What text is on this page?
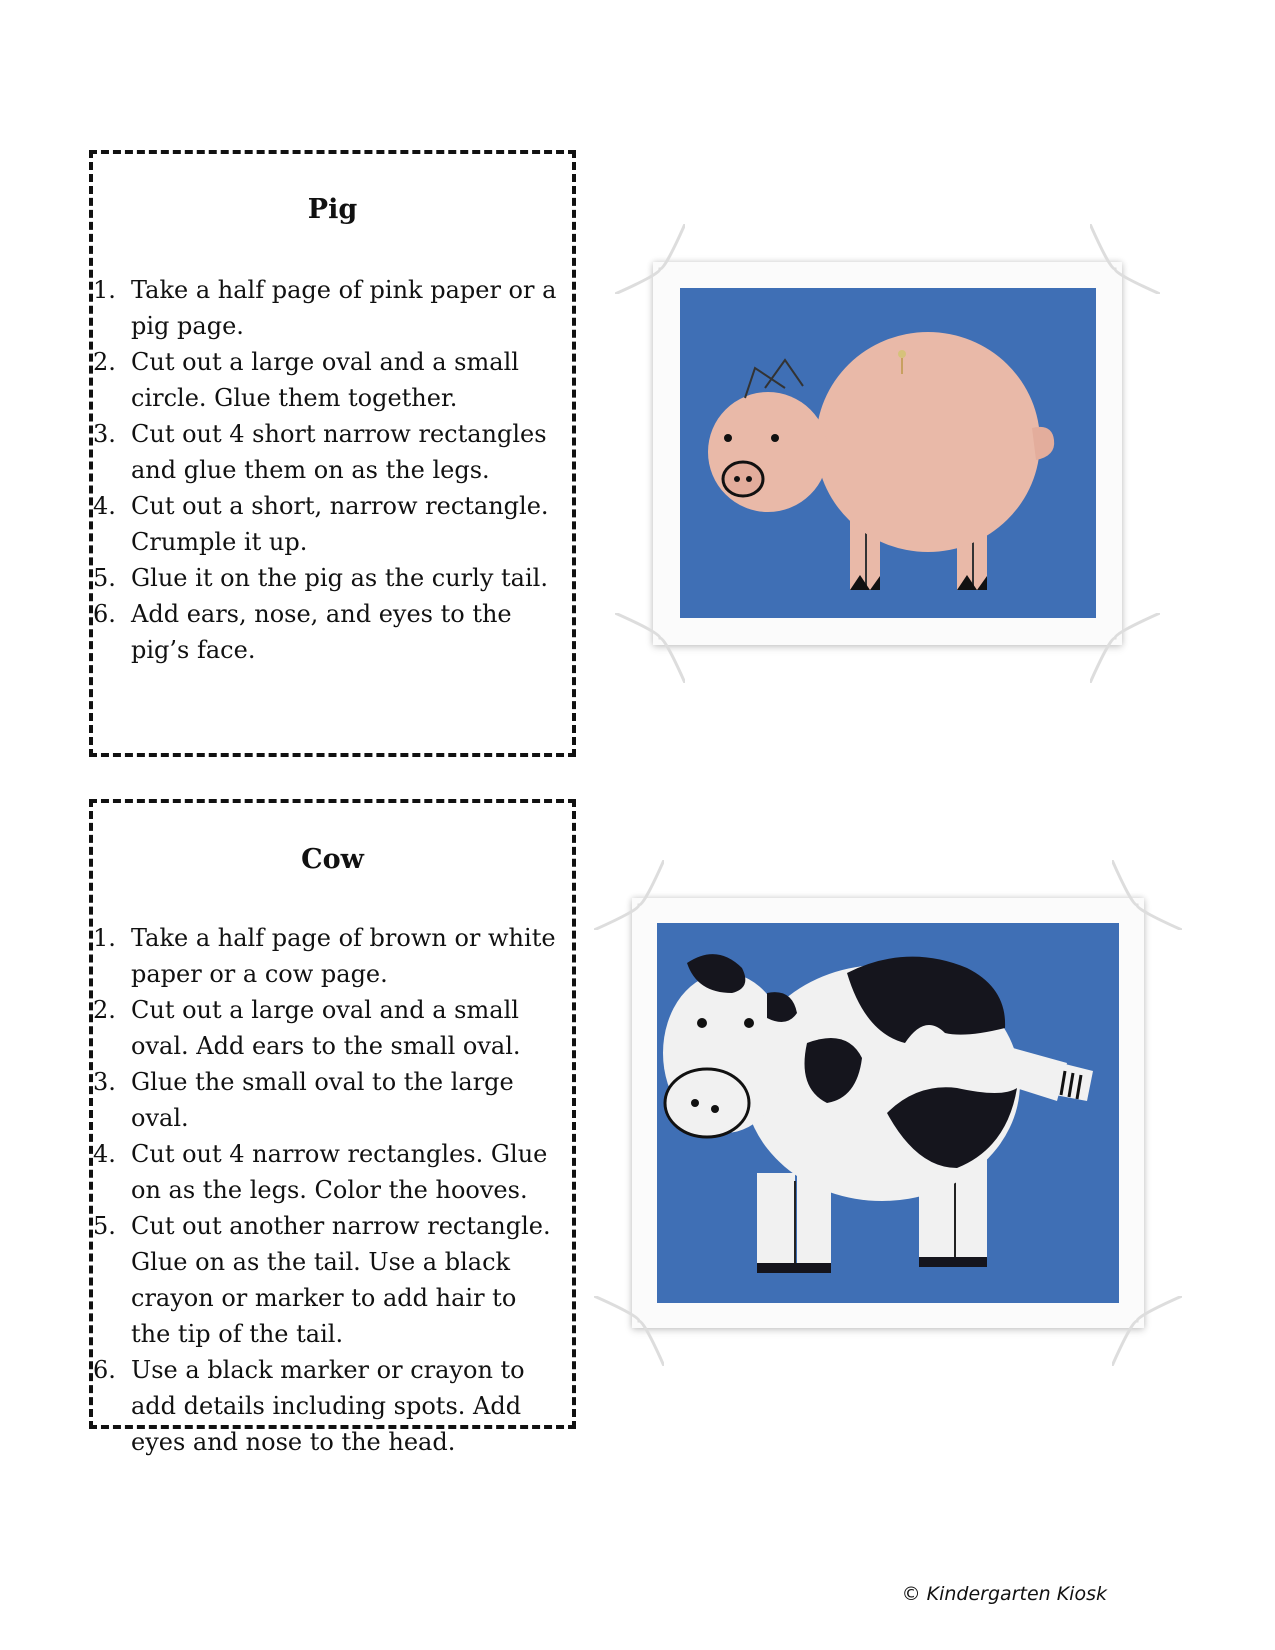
Pig
1. Take a half page of pink paper or a pig page.
2. Cut out a large oval and a small circle. Glue them together.
3. Cut out 4 short narrow rectangles and glue them on as the legs.
4. Cut out a short, narrow rectangle. Crumple it up.
5. Glue it on the pig as the curly tail.
6. Add ears, nose, and eyes to the pig’s face.
Cow
1. Take a half page of brown or white paper or a cow page.
2. Cut out a large oval and a small oval. Add ears to the small oval.
3. Glue the small oval to the large oval.
4. Cut out 4 narrow rectangles. Glue on as the legs. Color the hooves.
5. Cut out another narrow rectangle. Glue on as the tail. Use a black crayon or marker to add hair to the tip of the tail.
6. Use a black marker or crayon to add details including spots. Add eyes and nose to the head.
© Kindergarten Kiosk
